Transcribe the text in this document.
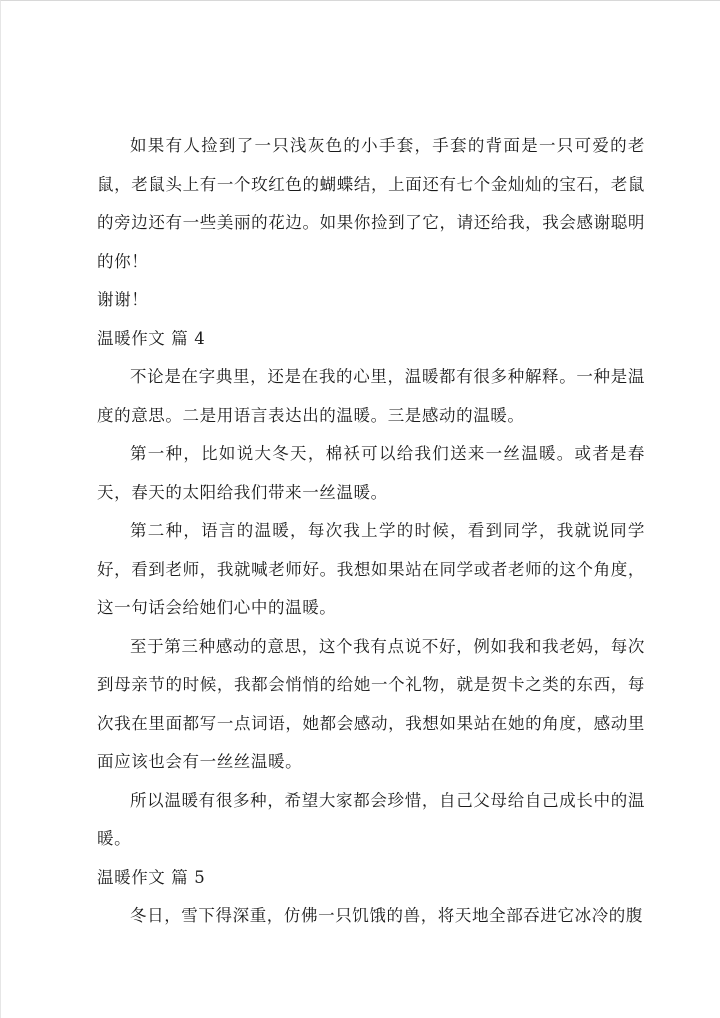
如果有人捡到了一只浅灰色的小手套，手套的背面是一只可爱的老鼠，老鼠头上有一个玫红色的蝴蝶结，上面还有七个金灿灿的宝石，老鼠的旁边还有一些美丽的花边。如果你捡到了它，请还给我，我会感谢聪明的你！

谢谢！

温暖作文 篇 4

不论是在字典里，还是在我的心里，温暖都有很多种解释。一种是温度的意思。二是用语言表达出的温暖。三是感动的温暖。

第一种，比如说大冬天，棉袄可以给我们送来一丝温暖。或者是春天，春天的太阳给我们带来一丝温暖。

第二种，语言的温暖，每次我上学的时候，看到同学，我就说同学好，看到老师，我就喊老师好。我想如果站在同学或者老师的这个角度，这一句话会给她们心中的温暖。

至于第三种感动的意思，这个我有点说不好，例如我和我老妈，每次到母亲节的时候，我都会悄悄的给她一个礼物，就是贺卡之类的东西，每次我在里面都写一点词语，她都会感动，我想如果站在她的角度，感动里面应该也会有一丝丝温暖。

所以温暖有很多种，希望大家都会珍惜，自己父母给自己成长中的温暖。

温暖作文 篇 5

冬日，雪下得深重，仿佛一只饥饿的兽，将天地全部吞进它冰冷的腹
